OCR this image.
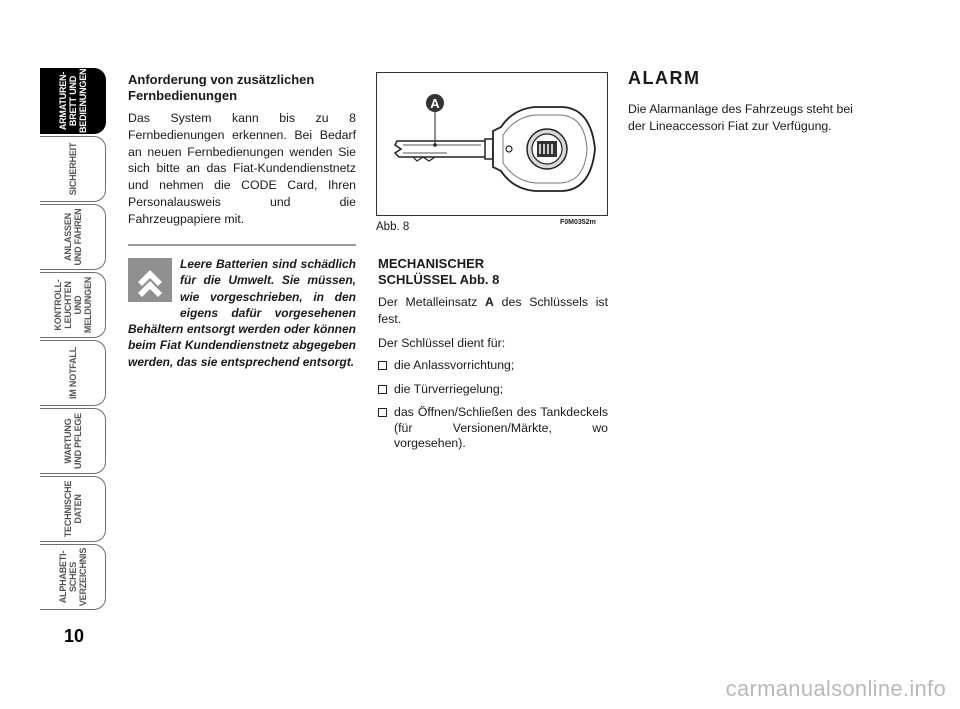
ARMATUREN-
BRETT UND
BEDIENUNGEN
SICHERHEIT
ANLASSEN
UND FAHREN
KONTROLL-
LEUCHTEN UND
MELDUNGEN
IM NOTFALL
WARTUNG
UND PFLEGE
TECHNISCHE
DATEN
ALPHABETI-
SCHES
VERZEICHNIS
10
Anforderung von zusätzlichen
Fernbedienungen

Das System kann bis zu 8 Fernbedienungen erkennen. Bei Bedarf an neuen Fernbedienungen wenden Sie sich bitte an das Fiat-Kundendienstnetz und nehmen die CODE Card, Ihren Personalausweis und die Fahrzeugpapiere mit.

Leere Batterien sind schädlich für die Umwelt. Sie müssen, wie vorgeschrieben, in den eigens dafür vorgesehenen Behältern entsorgt werden oder können beim Fiat Kundendienstnetz abgegeben werden, das sie entsprechend entsorgt.

A
Abb. 8	F0M0352m
MECHANISCHER
SCHLÜSSEL Abb. 8

Der Metalleinsatz A des Schlüssels ist fest.

Der Schlüssel dient für:

die Anlassvorrichtung;
die Türverriegelung;
das Öffnen/Schließen des Tankdeckels (für Versionen/Märkte, wo vorgesehen).
ALARM

Die Alarmanlage des Fahrzeugs steht bei der Lineaccessori Fiat zur Verfügung.

carmanualsonline.info
